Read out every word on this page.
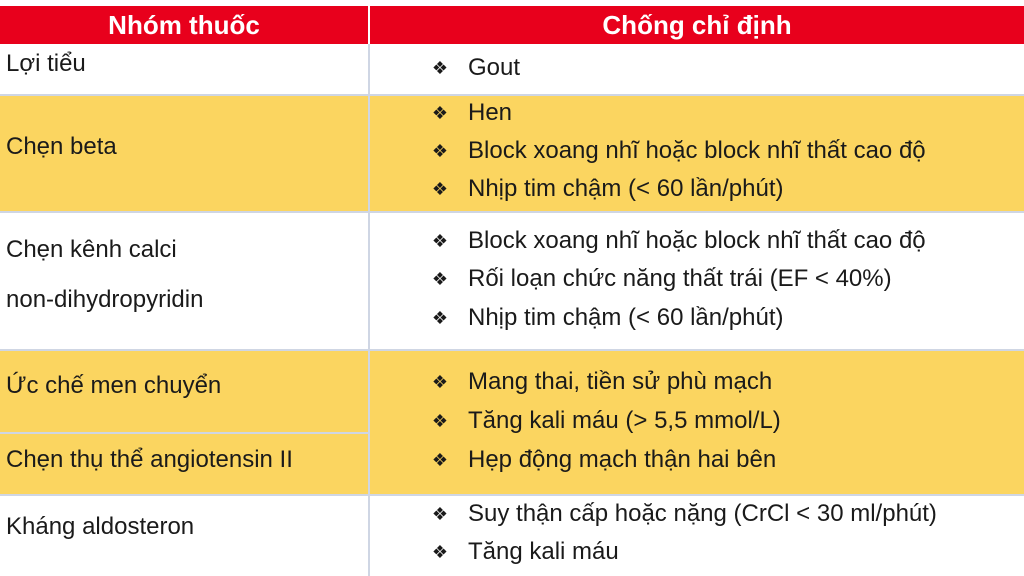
Nhóm thuốc	Chống chỉ định
Lợi tiểu
Chẹn beta
Chẹn kênh calci
non-dihydropyridin
Ức chế men chuyển
Chẹn thụ thể angiotensin II
Kháng aldosteron
❖ Gout
❖ Hen
❖ Block xoang nhĩ hoặc block nhĩ thất cao độ
❖ Nhịp tim chậm (< 60 lần/phút)
❖ Block xoang nhĩ hoặc block nhĩ thất cao độ
❖ Rối loạn chức năng thất trái (EF < 40%)
❖ Nhịp tim chậm (< 60 lần/phút)
❖ Mang thai, tiền sử phù mạch
❖ Tăng kali máu (> 5,5 mmol/L)
❖ Hẹp động mạch thận hai bên
❖ Suy thận cấp hoặc nặng (CrCl < 30 ml/phút)
❖ Tăng kali máu
